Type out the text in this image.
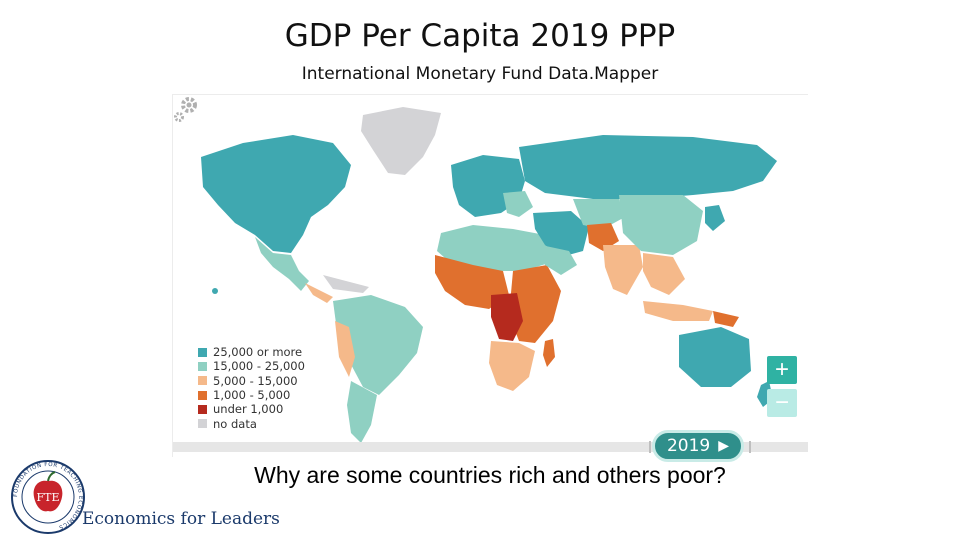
GDP Per Capita 2019 PPP
International Monetary Fund Data.Mapper
25,000 or more
15,000 - 25,000
5,000 - 15,000
1,000 - 5,000
under 1,000
no data
+
−
2019 ▶
Why are some countries rich and others poor?
FTE
FOUNDATION FOR TEACHING ECONOMICS	Economics for Leaders
